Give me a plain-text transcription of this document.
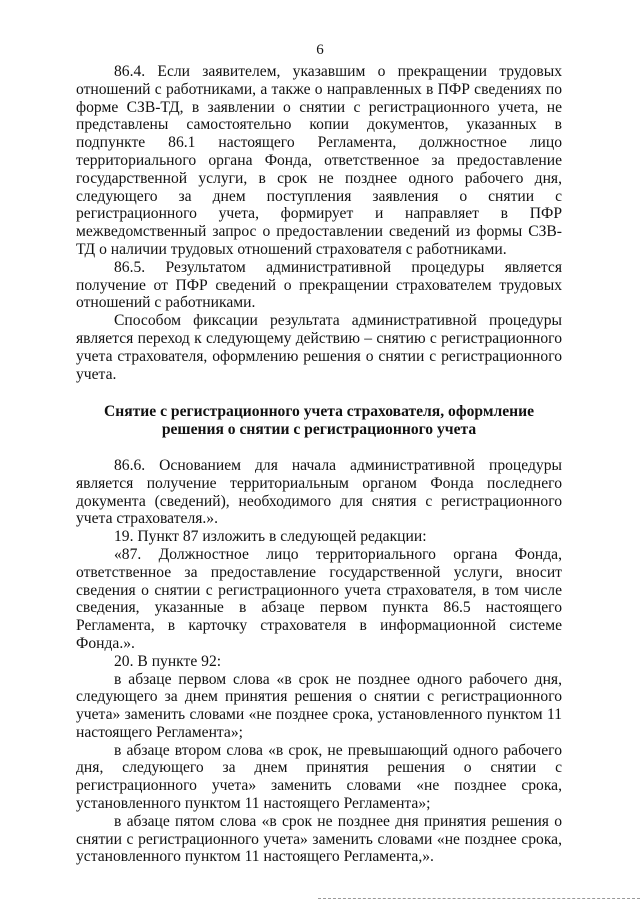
6

86.4. Если заявителем, указавшим о прекращении трудовых отношений с работниками, а также о направленных в ПФР сведениях по форме СЗВ-ТД, в заявлении о снятии с регистрационного учета, не представлены самостоятельно копии документов, указанных в подпункте 86.1 настоящего Регламента, должностное лицо территориального органа Фонда, ответственное за предоставление государственной услуги, в срок не позднее одного рабочего дня, следующего за днем поступления заявления о снятии с регистрационного учета, формирует и направляет в ПФР межведомственный запрос о предоставлении сведений из формы СЗВ-ТД о наличии трудовых отношений страхователя с работниками.

86.5. Результатом административной процедуры является получение от ПФР сведений о прекращении страхователем трудовых отношений с работниками.

Способом фиксации результата административной процедуры является переход к следующему действию – снятию с регистрационного учета страхователя, оформлению решения о снятии с регистрационного учета.

Снятие с регистрационного учета страхователя, оформление
решения о снятии с регистрационного учета

86.6. Основанием для начала административной процедуры является получение территориальным органом Фонда последнего документа (сведений), необходимого для снятия с регистрационного учета страхователя.».

19. Пункт 87 изложить в следующей редакции:

«87. Должностное лицо территориального органа Фонда, ответственное за предоставление государственной услуги, вносит сведения о снятии с регистрационного учета страхователя, в том числе сведения, указанные в абзаце первом пункта 86.5 настоящего Регламента, в карточку страхователя в информационной системе Фонда.».

20. В пункте 92:

в абзаце первом слова «в срок не позднее одного рабочего дня, следующего за днем принятия решения о снятии с регистрационного учета» заменить словами «не позднее срока, установленного пунктом 11 настоящего Регламента»;

в абзаце втором слова «в срок, не превышающий одного рабочего дня, следующего за днем принятия решения о снятии с регистрационного учета» заменить словами «не позднее срока, установленного пунктом 11 настоящего Регламента»;

в абзаце пятом слова «в срок не позднее дня принятия решения о снятии с регистрационного учета» заменить словами «не позднее срока, установленного пунктом 11 настоящего Регламента,».
